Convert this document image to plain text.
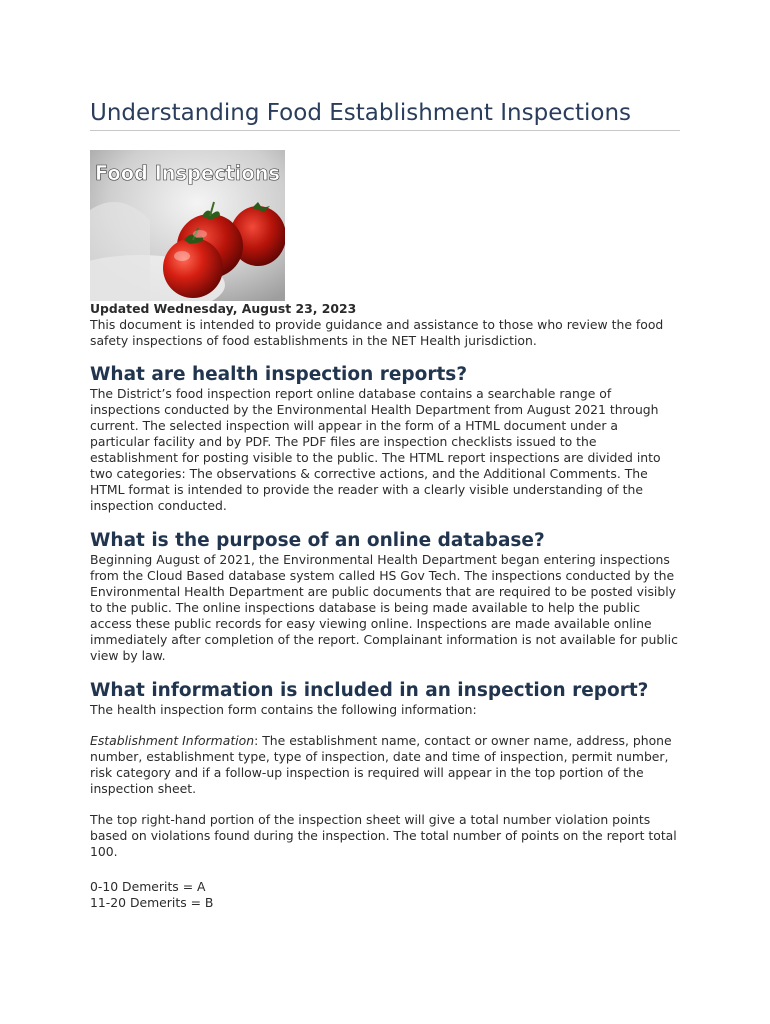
Understanding Food Establishment Inspections
Food Inspections

Updated Wednesday, August 23, 2023

This document is intended to provide guidance and assistance to those who review the food safety inspections of food establishments in the NET Health jurisdiction.

What are health inspection reports?

The District’s food inspection report online database contains a searchable range of inspections conducted by the Environmental Health Department from August 2021 through current. The selected inspection will appear in the form of a HTML document under a particular facility and by PDF. The PDF files are inspection checklists issued to the establishment for posting visible to the public. The HTML report inspections are divided into two categories: The observations & corrective actions, and the Additional Comments. The HTML format is intended to provide the reader with a clearly visible understanding of the inspection conducted.

What is the purpose of an online database?

Beginning August of 2021, the Environmental Health Department began entering inspections from the Cloud Based database system called HS Gov Tech. The inspections conducted by the Environmental Health Department are public documents that are required to be posted visibly to the public. The online inspections database is being made available to help the public access these public records for easy viewing online. Inspections are made available online immediately after completion of the report. Complainant information is not available for public view by law.

What information is included in an inspection report?

The health inspection form contains the following information:

Establishment Information: The establishment name, contact or owner name, address, phone number, establishment type, type of inspection, date and time of inspection, permit number, risk category and if a follow-up inspection is required will appear in the top portion of the inspection sheet.

The top right-hand portion of the inspection sheet will give a total number violation points based on violations found during the inspection. The total number of points on the report total 100.

0-10 Demerits = A

11-20 Demerits = B
